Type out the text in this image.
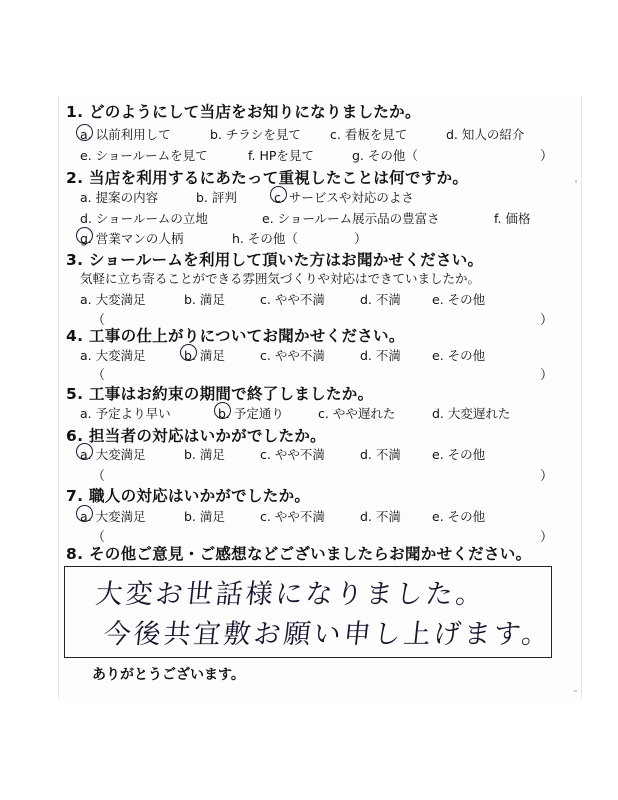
1. どのようにして当店をお知りになりましたか。
a. 以前利用して	b. チラシを見て c. 看板を見て	d. 知人の紹介
e. ショールームを見て	f. HPを見て	g. その他（	）
2. 当店を利用するにあたって重視したことは何ですか。
a. 提案の内容	b. 評判	c. サービスや対応のよさ
d. ショールームの立地	e. ショールーム展示品の豊富さ	f. 価格
g. 営業マンの人柄	h. その他（	）
3. ショールームを利用して頂いた方はお聞かせください。
気軽に立ち寄ることができる雰囲気づくりや対応はできていましたか。
a. 大変満足	b. 満足	c. やや不満	d. 不満 e. その他
（	）
4. 工事の仕上がりについてお聞かせください。
a. 大変満足	b. 満足	c. やや不満	d. 不満 e. その他
（	）
5. 工事はお約束の期間で終了しましたか。
a. 予定より早い	b. 予定通り	c. やや遅れた	d. 大変遅れた
6. 担当者の対応はいかがでしたか。
a. 大変満足	b. 満足	c. やや不満	d. 不満 e. その他
（	）
7. 職人の対応はいかがでしたか。
a. 大変満足	b. 満足	c. やや不満	d. 不満 e. その他
（	）
8. その他ご意見・ご感想などございましたらお聞かせください。
大変お世話様になりました。
今後共宜敷お願い申し上げます。
ありがとうございます。
